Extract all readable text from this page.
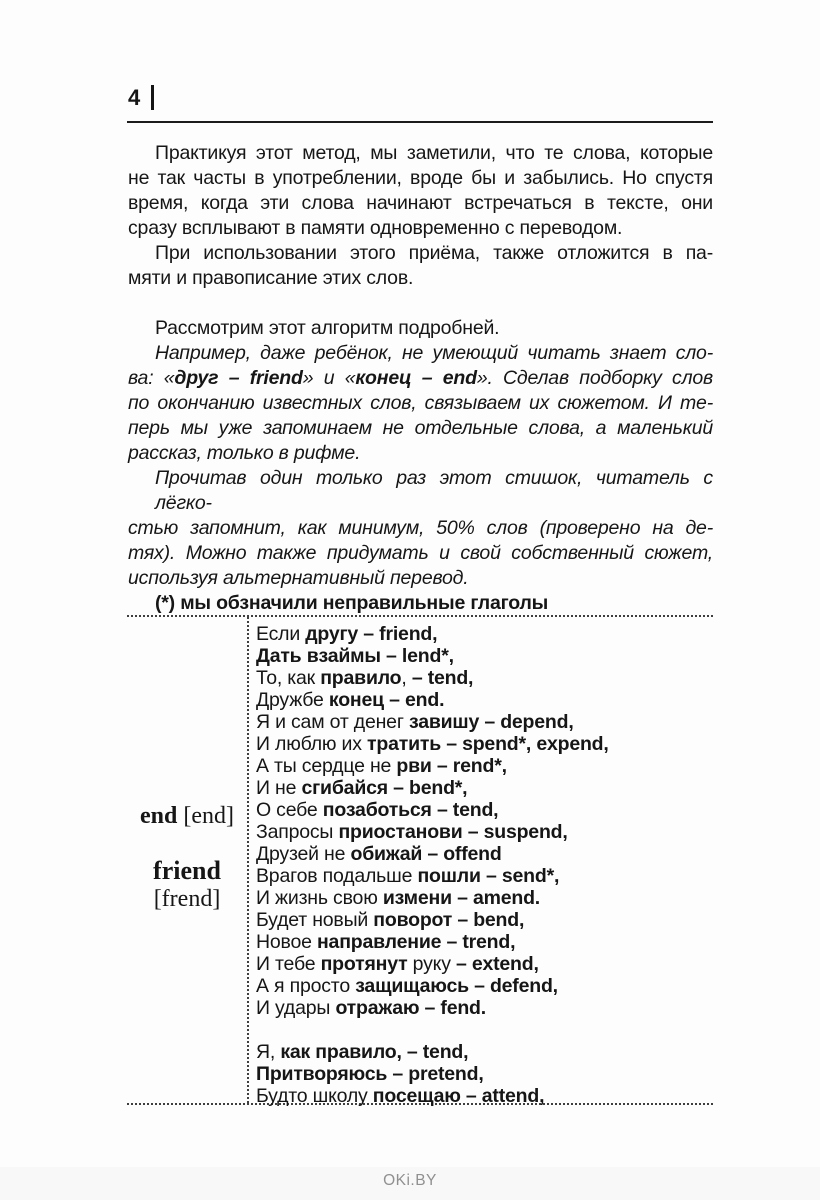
4
Практикуя этот метод, мы заметили, что те слова, которые
не так часты в употреблении, вроде бы и забылись. Но спустя
время, когда эти слова начинают встречаться в тексте, они
сразу всплывают в памяти одновременно с переводом.
При использовании этого приёма, также отложится в па-
мяти и правописание этих слов.
Рассмотрим этот алгоритм подробней.
Например, даже ребёнок, не умеющий читать знает сло-
ва: «друг – friend» и «конец – end». Сделав подборку слов
по окончанию известных слов, связываем их сюжетом. И те-
перь мы уже запоминаем не отдельные слова, а маленький
рассказ, только в рифме.
Прочитав один только раз этот стишок, читатель с лёгко-
стью запомнит, как минимум, 50% слов (проверено на де-
тях). Можно также придумать и свой собственный сюжет,
используя альтернативный перевод.
(*) мы обзначили неправильные глаголы
end [end]
friend
[frend]
Если другу – friend,
Дать взаймы – lend*,
То, как правило, – tend,
Дружбе конец – end.
Я и сам от денег завишу – depend,
И люблю их тратить – spend*, expend,
А ты сердце не рви – rend*,
И не сгибайся – bend*,
О себе позаботься – tend,
Запросы приостанови – suspend,
Друзей не обижай – offend
Врагов подальше пошли – send*,
И жизнь свою измени – amend.
Будет новый поворот – bend,
Новое направление – trend,
И тебе протянут руку – extend,
А я просто защищаюсь – defend,
И удары отражаю – fend.
Я, как правило, – tend,
Притворяюсь – pretend,
Будто школу посещаю – attend,
OKi.BY
